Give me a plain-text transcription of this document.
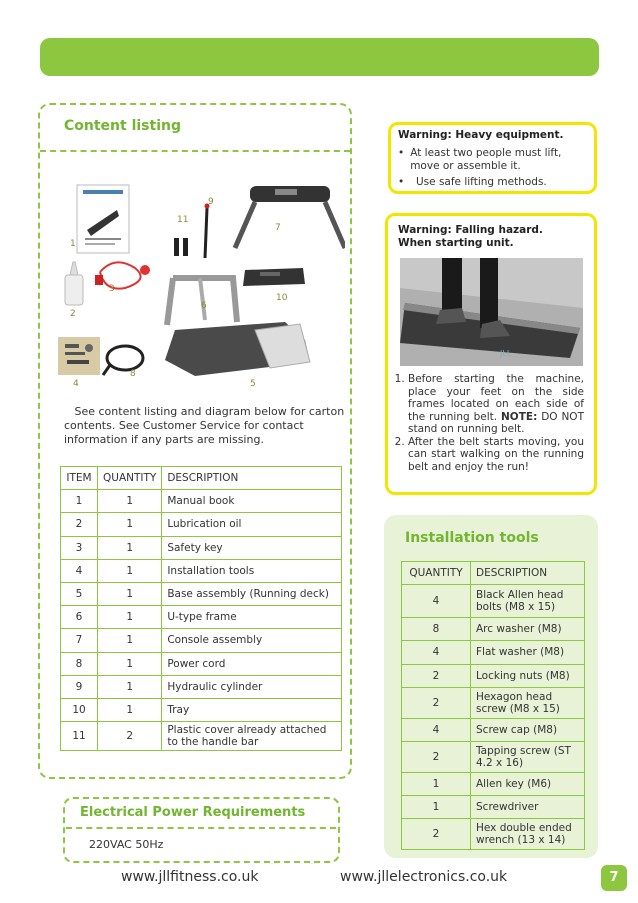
Content listing
1
2
3
4	5
6
7
8
9
10
11
See content listing and diagram below for carton contents. See Customer Service for contact information if any parts are missing.
ITEM	QUANTITY	DESCRIPTION
1	1	Manual book
2	1	Lubrication oil
3	1	Safety key
4	1	Installation tools
5	1	Base assembly (Running deck)
6	1	U-type frame
7	1	Console assembly
8	1	Power cord
9	1	Hydraulic cylinder
10	1	Tray
11	2	Plastic cover already attached to the handle bar
Electrical Power Requirements
220VAC 50Hz
Warning: Heavy equipment.
• At least two people must lift, move or assemble it.
•	Use safe lifting methods.
Warning: Falling hazard. When starting unit.
JLL
1. Before starting the machine, place your feet on the side frames located on each side of the running belt. NOTE: DO NOT stand on running belt.
2. After the belt starts moving, you can start walking on the running belt and enjoy the run!
Installation tools
QUANTITY	DESCRIPTION
4	Black Allen head bolts (M8 x 15)
8	Arc washer (M8)
4	Flat washer (M8)
2	Locking nuts (M8)
2	Hexagon head screw (M8 x 15)
4	Screw cap (M8)
2	Tapping screw (ST 4.2 x 16)
1	Allen key (M6)
1	Screwdriver
2	Hex double ended wrench (13 x 14)
www.jllfitness.co.uk	www.jllelectronics.co.uk	7
